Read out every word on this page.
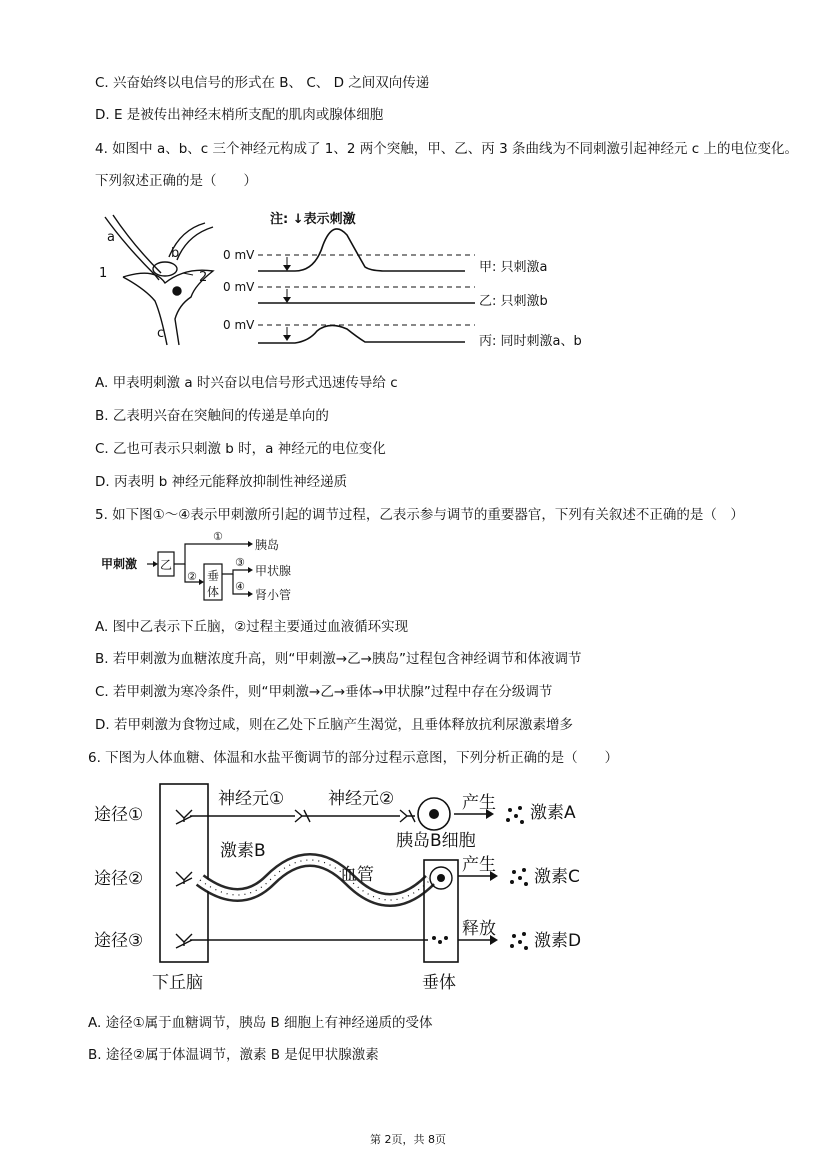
C. 兴奋始终以电信号的形式在 B、 C、 D 之间双向传递
D. E 是被传出神经末梢所支配的肌肉或腺体细胞
4. 如图中 a、b、c 三个神经元构成了 1、2 两个突触，甲、乙、丙 3 条曲线为不同刺激引起神经元 c 上的电位变化。
下列叙述正确的是（　　）
a
b
c
1	2
注: ↓表示刺激
0 mV
甲: 只刺激a
0 mV
乙: 只刺激b
0 mV
丙: 同时刺激a、b
A. 甲表明刺激 a 时兴奋以电信号形式迅速传导给 c
B. 乙表明兴奋在突触间的传递是单向的
C. 乙也可表示只刺激 b 时，a 神经元的电位变化
D. 丙表明 b 神经元能释放抑制性神经递质
5. 如下图①～④表示甲刺激所引起的调节过程，乙表示参与调节的重要器官，下列有关叙述不正确的是（　）
甲刺激 乙
①
胰岛
② 垂
体
③
甲状腺
④
肾小管
A. 图中乙表示下丘脑，②过程主要通过血液循环实现
B. 若甲刺激为血糖浓度升高，则“甲刺激→乙→胰岛”过程包含神经调节和体液调节
C. 若甲刺激为寒冷条件，则“甲刺激→乙→垂体→甲状腺”过程中存在分级调节
D. 若甲刺激为食物过咸，则在乙处下丘脑产生渴觉，且垂体释放抗利尿激素增多
6. 下图为人体血糖、体温和水盐平衡调节的部分过程示意图，下列分析正确的是（　　）
下丘脑
途径①
途径②
途径③
神经元①	神经元②
胰岛B细胞
产生 激素A
激素B
血管
垂体
产生
激素C
释放
激素D
A. 途径①属于血糖调节，胰岛 B 细胞上有神经递质的受体
B. 途径②属于体温调节，激素 B 是促甲状腺激素
第 2页，共 8页
